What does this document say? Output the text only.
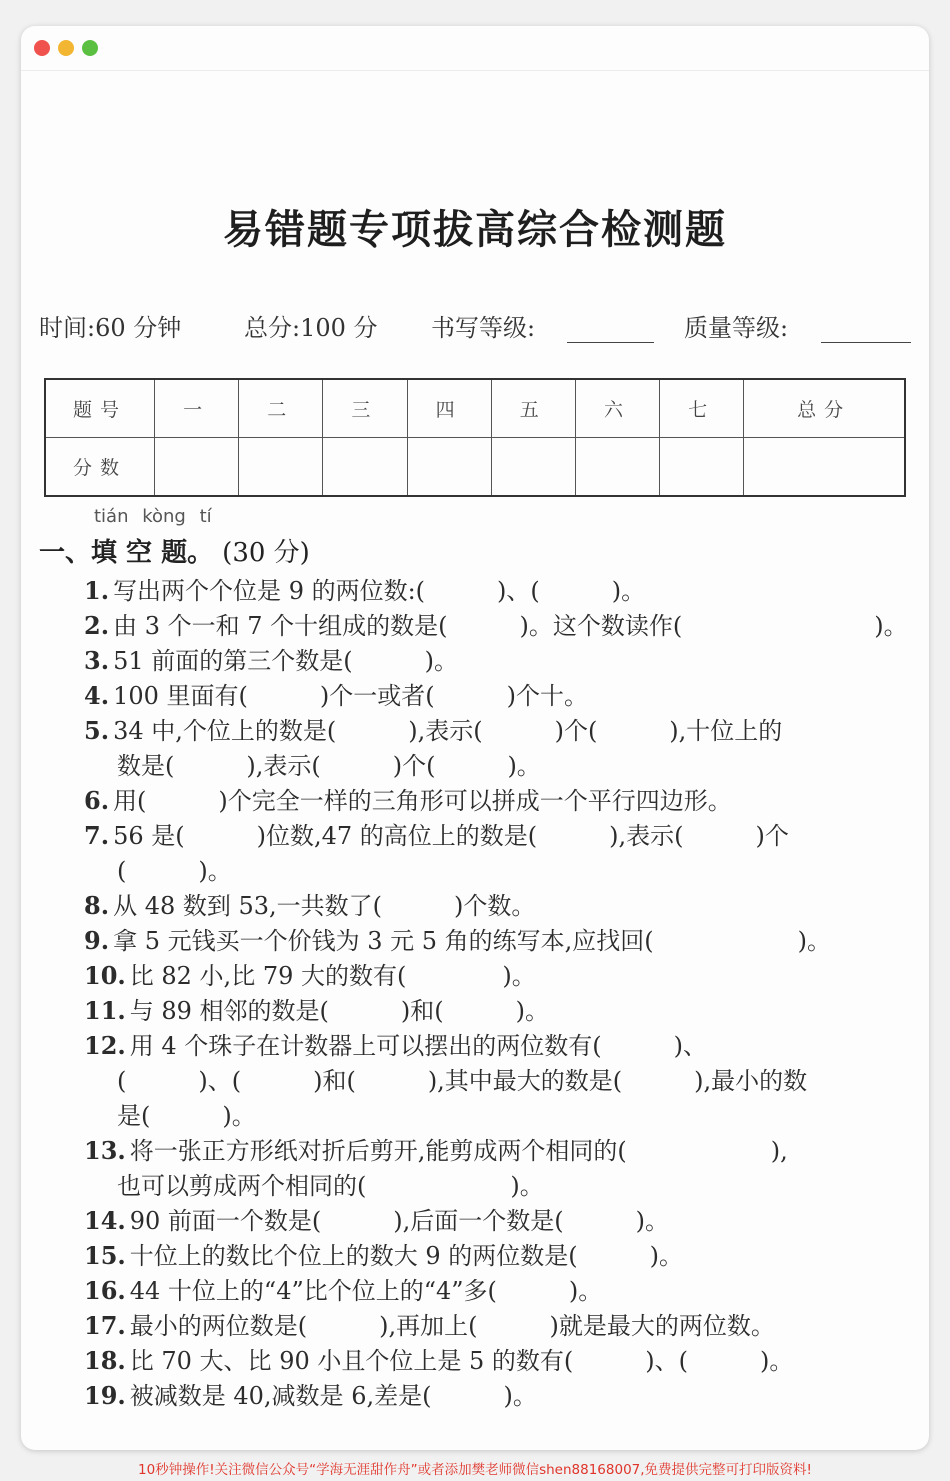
易错题专项拔高综合检测题
时间:60 分钟	总分:100 分 书写等级:	质量等级:
题号	一	二	三	四	五	六	七	总分
分数								
tián kòng tí
一、填 空 题。 (30 分)
1. 写出两个个位是 9 的两位数:(　　　)、(　　　)。
2. 由 3 个一和 7 个十组成的数是(　　　)。这个数读作(　　　　　　　　)。
3. 51 前面的第三个数是(　　　)。
4. 100 里面有(　　　)个一或者(　　　)个十。
5. 34 中,个位上的数是(　　　),表示(　　　)个(　　　),十位上的
数是(　　　),表示(　　　)个(　　　)。
6. 用(　　　)个完全一样的三角形可以拼成一个平行四边形。
7. 56 是(　　　)位数,47 的高位上的数是(　　　),表示(　　　)个
(　　　)。
8. 从 48 数到 53,一共数了(　　　)个数。
9. 拿 5 元钱买一个价钱为 3 元 5 角的练写本,应找回(　　　　　　)。
10. 比 82 小,比 79 大的数有(　　　　)。
11. 与 89 相邻的数是(　　　)和(　　　)。
12. 用 4 个珠子在计数器上可以摆出的两位数有(　　　)、
(　　　)、(　　　)和(　　　),其中最大的数是(　　　),最小的数
是(　　　)。
13. 将一张正方形纸对折后剪开,能剪成两个相同的(　　　　　　),
也可以剪成两个相同的(　　　　　　)。
14. 90 前面一个数是(　　　),后面一个数是(　　　)。
15. 十位上的数比个位上的数大 9 的两位数是(　　　)。
16. 44 十位上的“4”比个位上的“4”多(　　　)。
17. 最小的两位数是(　　　),再加上(　　　)就是最大的两位数。
18. 比 70 大、比 90 小且个位上是 5 的数有(　　　)、(　　　)。
19. 被减数是 40,减数是 6,差是(　　　)。
10秒钟操作!关注微信公众号“学海无涯甜作舟”或者添加樊老师微信shen88168007,免费提供完整可打印版资料!
